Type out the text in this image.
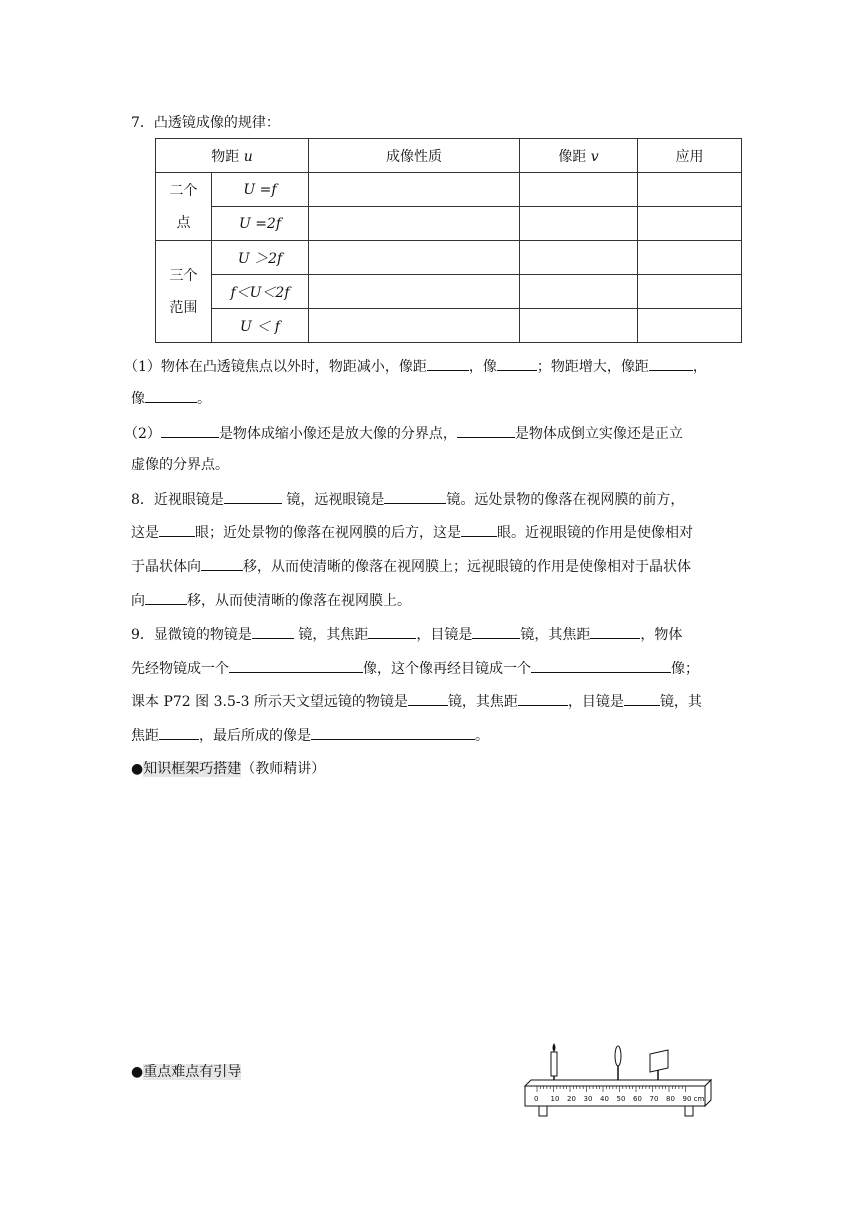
7．凸透镜成像的规律：
物距 u		成像性质	像距 v	应用

二个
点	U =f			
	U =2f			

三个
范围	U ＞2f			
	f＜U＜2f			
	U ＜ f			
（1）物体在凸透镜焦点以外时，物距减小，像距	，像	；物距增大，像距	，
像	。
（2）	是物体成缩小像还是放大像的分界点，	是物体成倒立实像还是正立
虚像的分界点。
8．近视眼镜是	镜，远视眼镜是	镜。远处景物的像落在视网膜的前方，
这是	眼；近处景物的像落在视网膜的后方，这是	眼。近视眼镜的作用是使像相对
于晶状体向	移，从而使清晰的像落在视网膜上；远视眼镜的作用是使像相对于晶状体
向	移，从而使清晰的像落在视网膜上。
9．显微镜的物镜是	镜，其焦距	，目镜是	镜，其焦距	，物体
先经物镜成一个	像，这个像再经目镜成一个	像；
课本 P72 图 3.5-3 所示天文望远镜的物镜是	镜，其焦距	，目镜是	镜，其
焦距	，最后所成的像是	。
●知识框架巧搭建（教师精讲）
●重点难点有引导
0 10 20 30 40 50 60 70 80 90 cm
